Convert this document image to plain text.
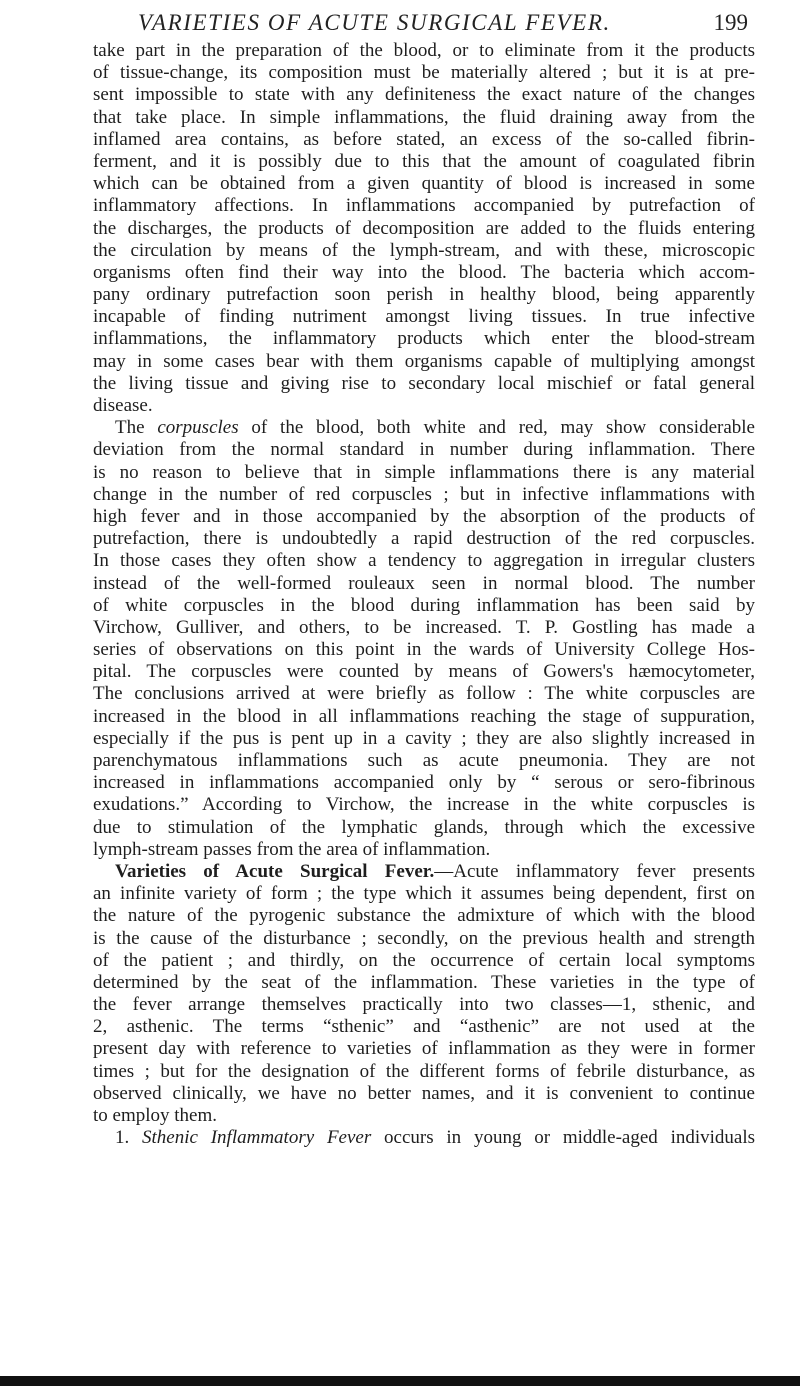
VARIETIES OF ACUTE SURGICAL FEVER.	199
take part in the preparation of the blood, or to eliminate from it the products
of tissue-change, its composition must be materially altered ; but it is at pre-
sent impossible to state with any definiteness the exact nature of the changes
that take place. In simple inflammations, the fluid draining away from the
inflamed area contains, as before stated, an excess of the so-called fibrin-
ferment, and it is possibly due to this that the amount of coagulated fibrin
which can be obtained from a given quantity of blood is increased in some
inflammatory affections. In inflammations accompanied by putrefaction of
the discharges, the products of decomposition are added to the fluids entering
the circulation by means of the lymph-stream, and with these, microscopic
organisms often find their way into the blood. The bacteria which accom-
pany ordinary putrefaction soon perish in healthy blood, being apparently
incapable of finding nutriment amongst living tissues. In true infective
inflammations, the inflammatory products which enter the blood-stream
may in some cases bear with them organisms capable of multiplying amongst
the living tissue and giving rise to secondary local mischief or fatal general
disease.
The corpuscles of the blood, both white and red, may show considerable
deviation from the normal standard in number during inflammation. There
is no reason to believe that in simple inflammations there is any material
change in the number of red corpuscles ; but in infective inflammations with
high fever and in those accompanied by the absorption of the products of
putrefaction, there is undoubtedly a rapid destruction of the red corpuscles.
In those cases they often show a tendency to aggregation in irregular clusters
instead of the well-formed rouleaux seen in normal blood. The number
of white corpuscles in the blood during inflammation has been said by
Virchow, Gulliver, and others, to be increased. T. P. Gostling has made a
series of observations on this point in the wards of University College Hos-
pital. The corpuscles were counted by means of Gowers's hæmocytometer,
The conclusions arrived at were briefly as follow : The white corpuscles are
increased in the blood in all inflammations reaching the stage of suppuration,
especially if the pus is pent up in a cavity ; they are also slightly increased in
parenchymatous inflammations such as acute pneumonia. They are not
increased in inflammations accompanied only by “ serous or sero-fibrinous
exudations.” According to Virchow, the increase in the white corpuscles is
due to stimulation of the lymphatic glands, through which the excessive
lymph-stream passes from the area of inflammation.
Varieties of Acute Surgical Fever.—Acute inflammatory fever presents
an infinite variety of form ; the type which it assumes being dependent, first on
the nature of the pyrogenic substance the admixture of which with the blood
is the cause of the disturbance ; secondly, on the previous health and strength
of the patient ; and thirdly, on the occurrence of certain local symptoms
determined by the seat of the inflammation. These varieties in the type of
the fever arrange themselves practically into two classes—1, sthenic, and
2, asthenic. The terms “sthenic” and “asthenic” are not used at the
present day with reference to varieties of inflammation as they were in former
times ; but for the designation of the different forms of febrile disturbance, as
observed clinically, we have no better names, and it is convenient to continue
to employ them.
1. Sthenic Inflammatory Fever occurs in young or middle-aged individuals
